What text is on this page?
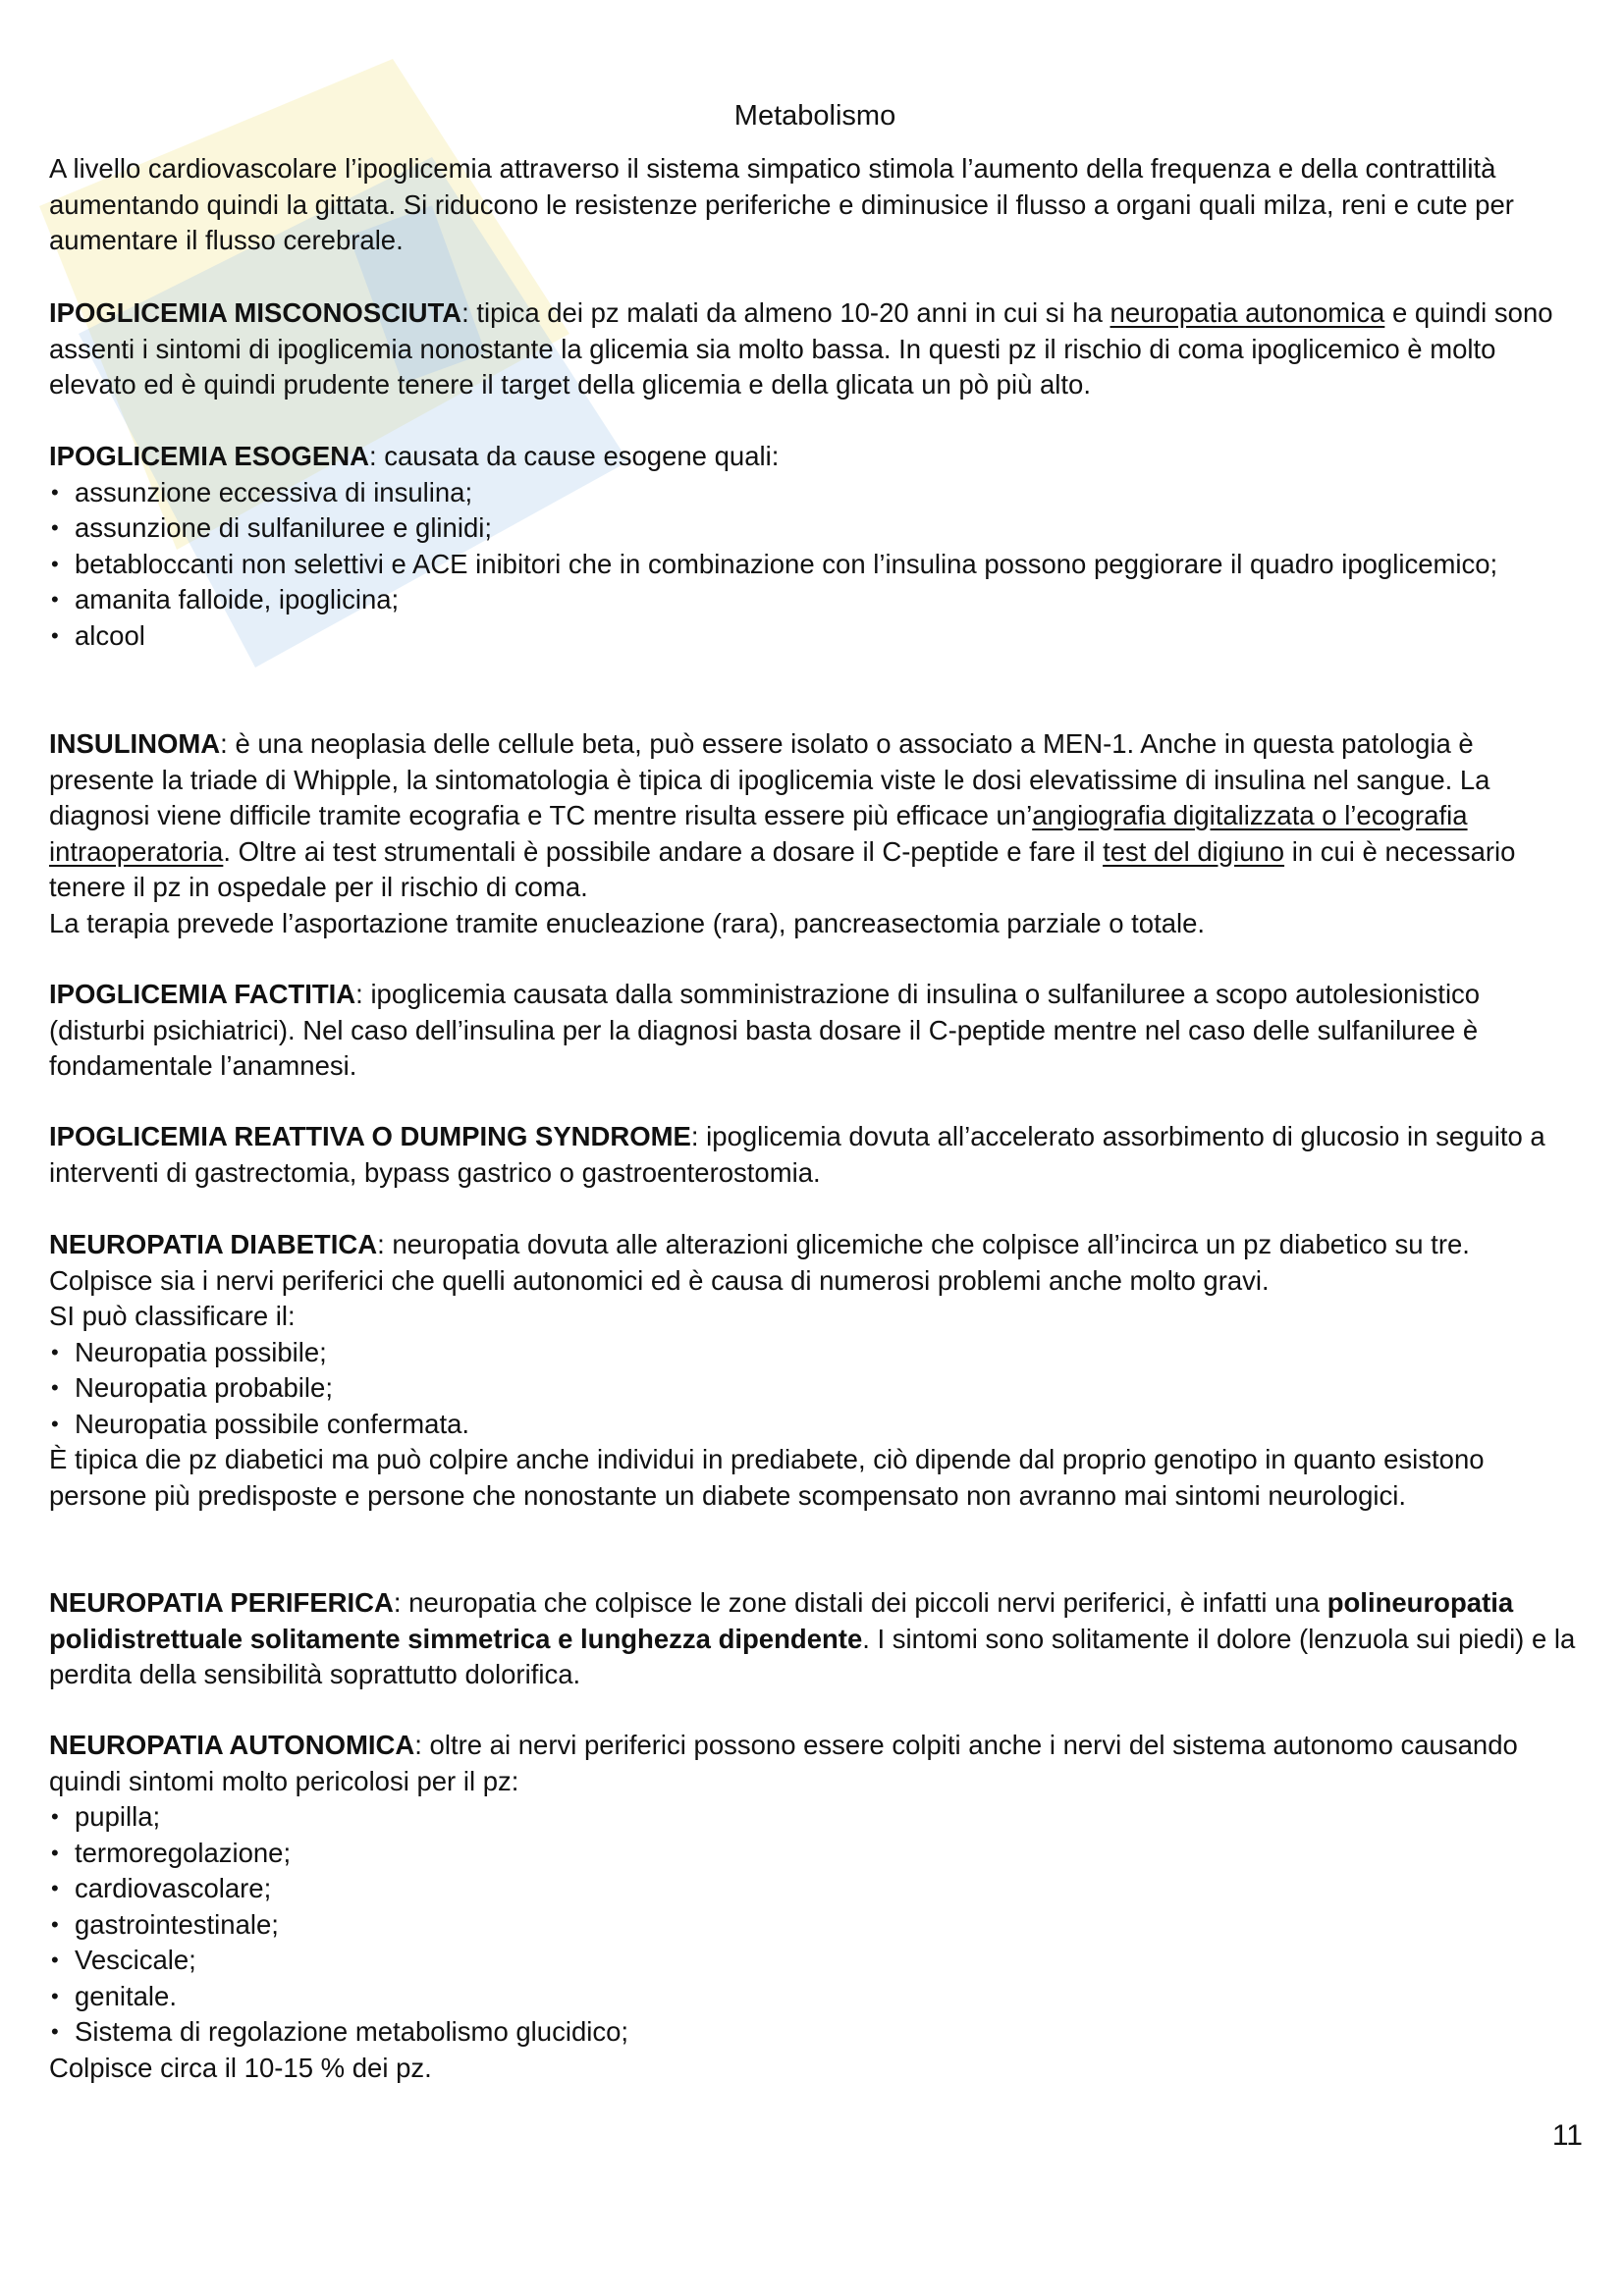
Metabolismo

A livello cardiovascolare l’ipoglicemia attraverso il sistema simpatico stimola l’aumento della frequenza e della contrattilità aumentando quindi la gittata. Si riducono le resistenze periferiche e diminusice il flusso a organi quali milza, reni e cute per aumentare il flusso cerebrale.

IPOGLICEMIA MISCONOSCIUTA: tipica dei pz malati da almeno 10-20 anni in cui si ha neuropatia autonomica e quindi sono assenti i sintomi di ipoglicemia nonostante la glicemia sia molto bassa. In questi pz il rischio di coma ipoglicemico è molto elevato ed è quindi prudente tenere il target della glicemia e della glicata un pò più alto.

IPOGLICEMIA ESOGENA: causata da cause esogene quali:

• assunzione eccessiva di insulina;
• assunzione di sulfaniluree e glinidi;
• betabloccanti non selettivi e ACE inibitori che in combinazione con l’insulina possono peggiorare il quadro ipoglicemico;
• amanita falloide, ipoglicina;
• alcool

INSULINOMA: è una neoplasia delle cellule beta, può essere isolato o associato a MEN-1. Anche in questa patologia è presente la triade di Whipple, la sintomatologia è tipica di ipoglicemia viste le dosi elevatissime di insulina nel sangue. La diagnosi viene difficile tramite ecografia e TC mentre risulta essere più efficace un’angiografia digitalizzata o l’ecografia intraoperatoria. Oltre ai test strumentali è possibile andare a dosare il C-peptide e fare il test del digiuno in cui è necessario tenere il pz in ospedale per il rischio di coma.

La terapia prevede l’asportazione tramite enucleazione (rara), pancreasectomia parziale o totale.

IPOGLICEMIA FACTITIA: ipoglicemia causata dalla somministrazione di insulina o sulfaniluree a scopo autolesionistico (disturbi psichiatrici). Nel caso dell’insulina per la diagnosi basta dosare il C-peptide mentre nel caso delle sulfaniluree è fondamentale l’anamnesi.

IPOGLICEMIA REATTIVA O DUMPING SYNDROME: ipoglicemia dovuta all’accelerato assorbimento di glucosio in seguito a interventi di gastrectomia, bypass gastrico o gastroenterostomia.

NEUROPATIA DIABETICA: neuropatia dovuta alle alterazioni glicemiche che colpisce all’incirca un pz diabetico su tre. Colpisce sia i nervi periferici che quelli autonomici ed è causa di numerosi problemi anche molto gravi.

SI può classificare il:

• Neuropatia possibile;
• Neuropatia probabile;
• Neuropatia possibile confermata.

È tipica die pz diabetici ma può colpire anche individui in prediabete, ciò dipende dal proprio genotipo in quanto esistono persone più predisposte e persone che nonostante un diabete scompensato non avranno mai sintomi neurologici.

NEUROPATIA PERIFERICA: neuropatia che colpisce le zone distali dei piccoli nervi periferici, è infatti una polineuropatia polidistrettuale solitamente simmetrica e lunghezza dipendente. I sintomi sono solitamente il dolore (lenzuola sui piedi) e la perdita della sensibilità soprattutto dolorifica.

NEUROPATIA AUTONOMICA: oltre ai nervi periferici possono essere colpiti anche i nervi del sistema autonomo causando quindi sintomi molto pericolosi per il pz:

• pupilla;
• termoregolazione;
• cardiovascolare;
• gastrointestinale;
• Vescicale;
• genitale.
• Sistema di regolazione metabolismo glucidico;

Colpisce circa il 10-15 % dei pz.

11
